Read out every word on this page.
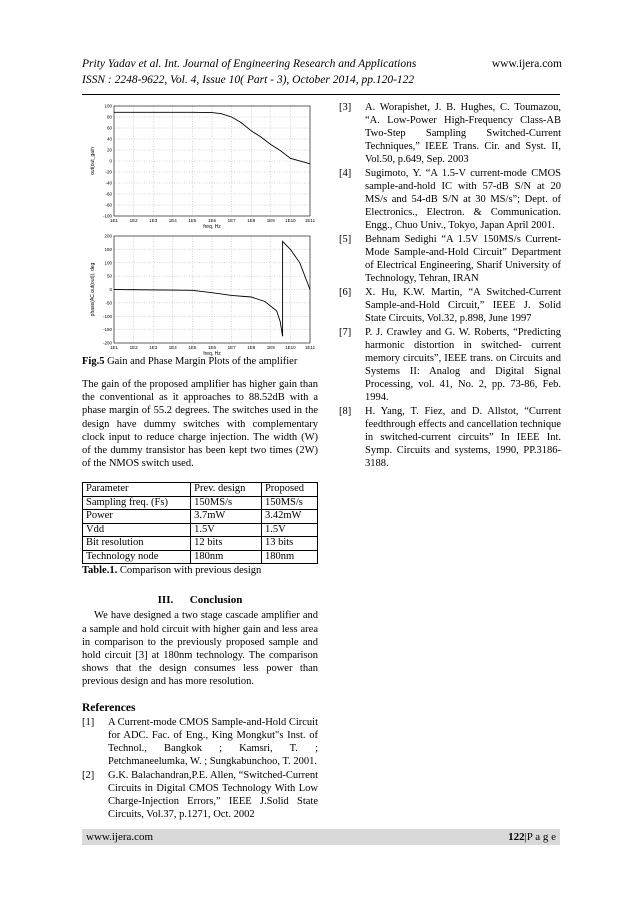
Prity Yadav et al. Int. Journal of Engineering Research and Applications
ISSN : 2248-9622, Vol. 4, Issue 10( Part - 3), October 2014, pp.120-122
www.ijera.com
1E1	1E2	1E3	1E4	1E5	1E6	1E7	1E8	1E9 1E10 1E11
100
80
60
40
20
0
-20
-40
-60
-80
-100
freq, Hz
out(out_gain
1E1	1E2	1E3	1E4	1E5	1E6	1E7	1E8	1E9 1E10 1E11
200
150
100
50
0
-50
-100
-150
-200
freq, Hz
phase(AC.out(out)), deg
Fig.5 Gain and Phase Margin Plots of the amplifier

The gain of the proposed amplifier has higher gain than the conventional as it approaches to 88.52dB with a phase margin of 55.2 degrees. The switches used in the design have dummy switches with complementary clock input to reduce charge injection. The width (W) of the dummy transistor has been kept two times (2W) of the NMOS switch used.

Parameter	Prev. design	Proposed
Sampling freq. (Fs)	150MS/s	150MS/s
Power	3.7mW	3.42mW
Vdd	1.5V	1.5V
Bit resolution	12 bits	13 bits
Technology node	180nm	180nm
Table.1. Comparison with previous design
III.      Conclusion

We have designed a two stage cascade amplifier and a sample and hold circuit with higher gain and less area in comparison to the previously proposed sample and hold circuit [3] at 180nm technology. The comparison shows that the design consumes less power than previous design and has more resolution.

References
[1]	A Current-mode CMOS Sample-and-Hold Circuit for ADC. Fac. of Eng., King Mongkut"s Inst. of Technol., Bangkok ; Kamsri, T. ; Petchmaneelumka, W. ; Sungkabunchoo, T. 2001.
[2]	G.K. Balachandran,P.E. Allen, “Switched-Current Circuits in Digital CMOS Technology With Low Charge-Injection Errors,” IEEE J.Solid State Circuits, Vol.37, p.1271, Oct. 2002
[3]	A. Worapishet, J. B. Hughes, C. Toumazou, “A. Low-Power High-Frequency Class-AB Two-Step Sampling Switched-Current Techniques,” IEEE Trans. Cir. and Syst. II, Vol.50, p.649, Sep. 2003
[4]	Sugimoto, Y. “A 1.5-V current-mode CMOS sample-and-hold IC with 57-dB S/N at 20 MS/s and 54-dB S/N at 30 MS/s”; Dept. of Electronics., Electron. & Communication. Engg., Chuo Univ., Tokyo, Japan April 2001.
[5]	Behnam Sedighi “A 1.5V 150MS/s Current-Mode Sample-and-Hold Circuit” Department of Electrical Engineering, Sharif University of Technology, Tehran, IRAN
[6]	X. Hu, K.W. Martin, “A Switched-Current Sample-and-Hold Circuit,” IEEE J. Solid State Circuits, Vol.32, p.898, June 1997
[7]	P. J. Crawley and G. W. Roberts, “Predicting harmonic distortion in switched- current memory circuits”, IEEE trans. on Circuits and Systems II: Analog and Digital Signal Processing, vol. 41, No. 2, pp. 73-86, Feb. 1994.
[8]	H. Yang, T. Fiez, and D. Allstot, “Current feedthrough effects and cancellation technique in switched-current circuits” In IEEE Int. Symp. Circuits and systems, 1990, PP.3186-3188.
www.ijera.com	122|P a g e
